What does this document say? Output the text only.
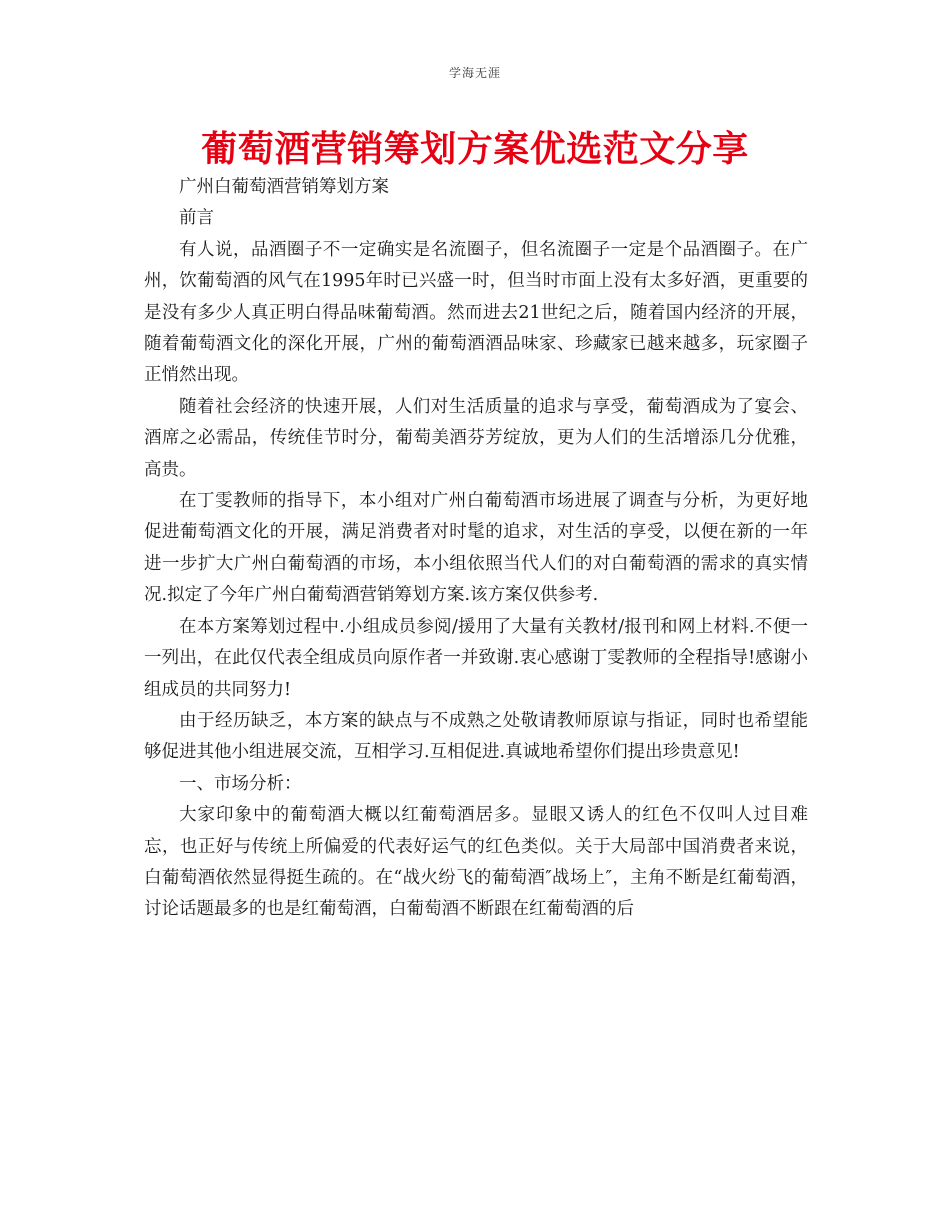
学海无涯
葡萄酒营销筹划方案优选范文分享

广州白葡萄酒营销筹划方案

前言

有人说，品酒圈子不一定确实是名流圈子，但名流圈子一定是个品酒圈子。在广州，饮葡萄酒的风气在1995年时已兴盛一时，但当时市面上没有太多好酒，更重要的是没有多少人真正明白得品味葡萄酒。然而进去21世纪之后，随着国内经济的开展，随着葡萄酒文化的深化开展，广州的葡萄酒酒品味家、珍藏家已越来越多，玩家圈子正悄然出现。

随着社会经济的快速开展，人们对生活质量的追求与享受，葡萄酒成为了宴会、酒席之必需品，传统佳节时分，葡萄美酒芬芳绽放，更为人们的生活增添几分优雅，高贵。

在丁雯教师的指导下，本小组对广州白葡萄酒市场进展了调查与分析，为更好地促进葡萄酒文化的开展，满足消费者对时髦的追求，对生活的享受，以便在新的一年进一步扩大广州白葡萄酒的市场，本小组依照当代人们的对白葡萄酒的需求的真实情况.拟定了今年广州白葡萄酒营销筹划方案.该方案仅供参考.

在本方案筹划过程中.小组成员参阅/援用了大量有关教材/报刊和网上材料.不便一一列出，在此仅代表全组成员向原作者一并致谢.衷心感谢丁雯教师的全程指导!感谢小组成员的共同努力!

由于经历缺乏，本方案的缺点与不成熟之处敬请教师原谅与指证，同时也希望能够促进其他小组进展交流，互相学习.互相促进.真诚地希望你们提出珍贵意见!

一、市场分析：

大家印象中的葡萄酒大概以红葡萄酒居多。显眼又诱人的红色不仅叫人过目难忘，也正好与传统上所偏爱的代表好运气的红色类似。关于大局部中国消费者来说，白葡萄酒依然显得挺生疏的。在“战火纷飞的葡萄酒″战场上″，主角不断是红葡萄酒，讨论话题最多的也是红葡萄酒，白葡萄酒不断跟在红葡萄酒的后
